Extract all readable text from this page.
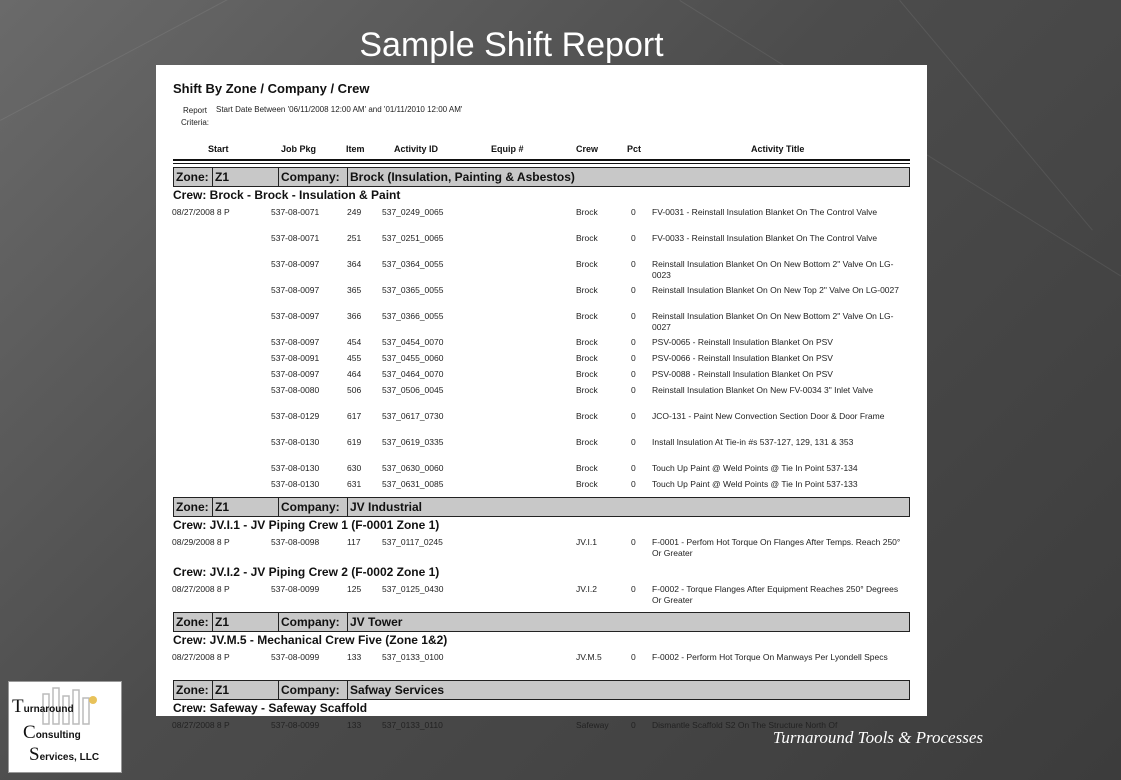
Sample Shift Report
Shift By Zone / Company / Crew
Report Criteria:
Start Date Between '06/11/2008 12:00 AM' and '01/11/2010 12:00 AM'
Start	Job Pkg	Item	Activity ID	Equip #	Crew	Pct	Activity Title
Zone: Z1	Company: Brock (Insulation, Painting & Asbestos)
Crew: Brock - Brock - Insulation & Paint
08/27/2008 8 P	537-08-0071	249 537_0249_0065	Brock	0 FV-0031 - Reinstall Insulation Blanket On The Control Valve
537-08-0071	251 537_0251_0065	Brock	0 FV-0033 - Reinstall Insulation Blanket On The Control Valve
537-08-0097	364 537_0364_0055	Brock	0 Reinstall Insulation Blanket On On New Bottom 2" Valve On LG-0023
537-08-0097	365 537_0365_0055	Brock	0 Reinstall Insulation Blanket On On New Top 2" Valve On LG-0027
537-08-0097	366 537_0366_0055	Brock	0 Reinstall Insulation Blanket On On New Bottom 2" Valve On LG-0027
537-08-0097	454 537_0454_0070	Brock	0 PSV-0065 - Reinstall Insulation Blanket On PSV
537-08-0091	455 537_0455_0060	Brock	0 PSV-0066 - Reinstall Insulation Blanket On PSV
537-08-0097	464 537_0464_0070	Brock	0 PSV-0088 - Reinstall Insulation Blanket On PSV
537-08-0080	506 537_0506_0045	Brock	0 Reinstall Insulation Blanket On New FV-0034 3" Inlet Valve
537-08-0129	617 537_0617_0730	Brock	0 JCO-131 - Paint New Convection Section Door & Door Frame
537-08-0130	619 537_0619_0335	Brock	0 Install Insulation At Tie-in #s 537-127, 129, 131 & 353
537-08-0130	630 537_0630_0060	Brock	0 Touch Up Paint @ Weld Points @ Tie In Point 537-134
537-08-0130	631 537_0631_0085	Brock	0 Touch Up Paint @ Weld Points @ Tie In Point 537-133
Zone: Z1	Company: JV Industrial
Crew: JV.I.1 - JV Piping Crew 1 (F-0001 Zone 1)
08/29/2008 8 P	537-08-0098	117	537_0117_0245	JV.I.1	0 F-0001 - Perfom Hot Torque On Flanges After Temps. Reach 250° Or Greater
Crew: JV.I.2 - JV Piping Crew 2 (F-0002 Zone 1)
08/27/2008 8 P	537-08-0099	125 537_0125_0430	JV.I.2	0 F-0002 - Torque Flanges After Equipment Reaches 250° Degrees Or Greater
Zone: Z1	Company: JV Tower
Crew: JV.M.5 - Mechanical Crew Five (Zone 1&2)
08/27/2008 8 P	537-08-0099	133 537_0133_0100	JV.M.5	0 F-0002 - Perform Hot Torque On Manways Per Lyondell Specs
Zone: Z1	Company: Safway Services
Crew: Safeway - Safeway Scaffold
08/27/2008 8 P	537-08-0099	133 537_0133_0110	Safeway	0 Dismantle Scaffold S2 On The Structure North Of
Turnaround
Consulting
Services, LLC
Turnaround Tools & Processes
